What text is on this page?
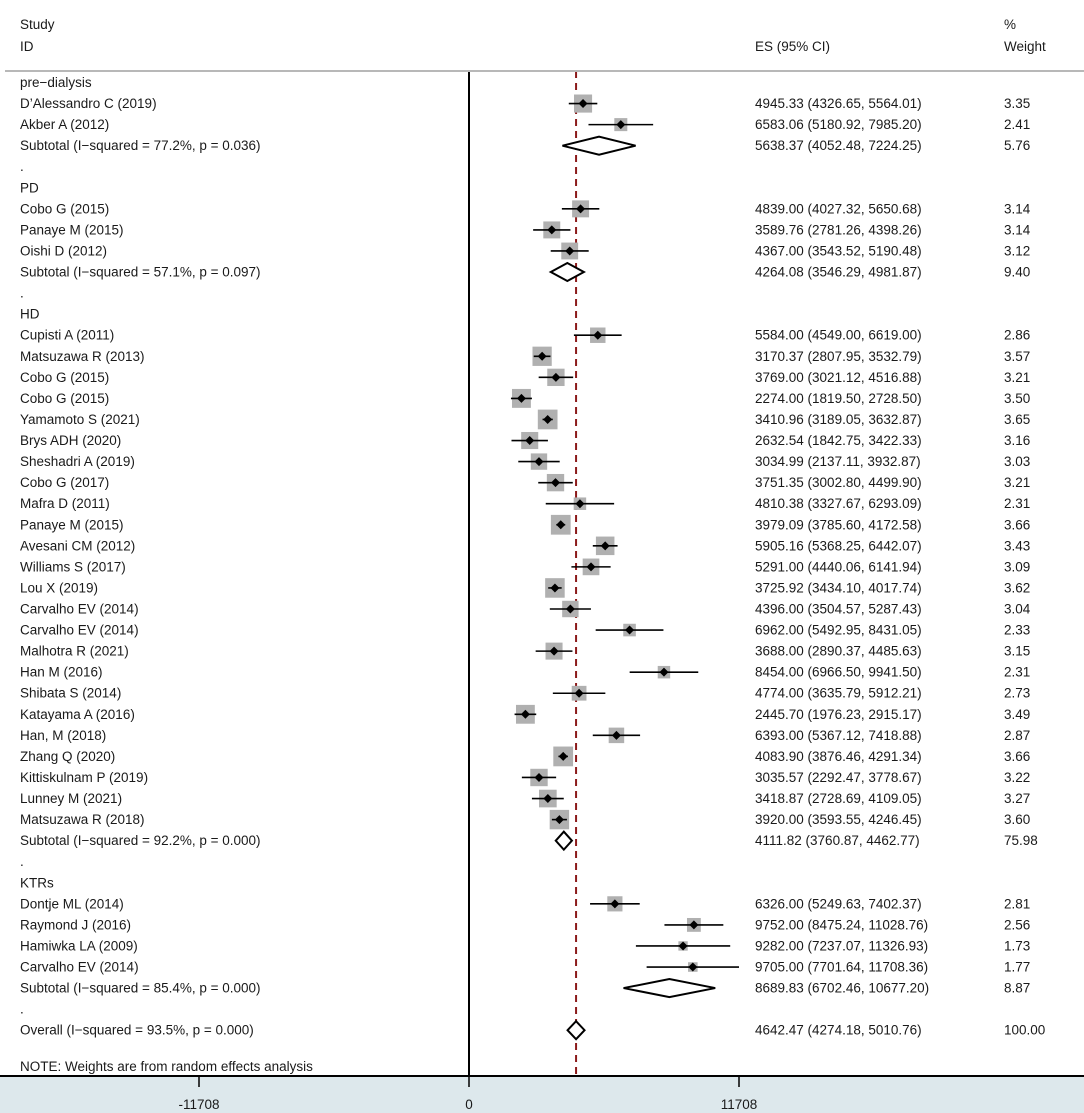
Study
ID	ES (95% CI)
%
Weight
pre−dialysis
D’Alessandro C (2019)	4945.33 (4326.65, 5564.01)	3.35
Akber A (2012)	6583.06 (5180.92, 7985.20)	2.41
Subtotal (I−squared = 77.2%, p = 0.036)	5638.37 (4052.48, 7224.25)	5.76
.
PD
Cobo G (2015)	4839.00 (4027.32, 5650.68)	3.14
Panaye M (2015)	3589.76 (2781.26, 4398.26)	3.14
Oishi D (2012)	4367.00 (3543.52, 5190.48)	3.12
Subtotal (I−squared = 57.1%, p = 0.097)	4264.08 (3546.29, 4981.87)	9.40
.
HD
Cupisti A (2011)	5584.00 (4549.00, 6619.00)	2.86
Matsuzawa R (2013)	3170.37 (2807.95, 3532.79)	3.57
Cobo G (2015)	3769.00 (3021.12, 4516.88)	3.21
Cobo G (2015)	2274.00 (1819.50, 2728.50)	3.50
Yamamoto S (2021)	3410.96 (3189.05, 3632.87)	3.65
Brys ADH (2020)	2632.54 (1842.75, 3422.33)	3.16
Sheshadri A (2019)	3034.99 (2137.11, 3932.87)	3.03
Cobo G (2017)	3751.35 (3002.80, 4499.90)	3.21
Mafra D (2011)	4810.38 (3327.67, 6293.09)	2.31
Panaye M (2015)	3979.09 (3785.60, 4172.58)	3.66
Avesani CM (2012)	5905.16 (5368.25, 6442.07)	3.43
Williams S (2017)	5291.00 (4440.06, 6141.94)	3.09
Lou X (2019)	3725.92 (3434.10, 4017.74)	3.62
Carvalho EV (2014)	4396.00 (3504.57, 5287.43)	3.04
Carvalho EV (2014)	6962.00 (5492.95, 8431.05)	2.33
Malhotra R (2021)	3688.00 (2890.37, 4485.63)	3.15
Han M (2016)	8454.00 (6966.50, 9941.50)	2.31
Shibata S (2014)	4774.00 (3635.79, 5912.21)	2.73
Katayama A (2016)	2445.70 (1976.23, 2915.17)	3.49
Han, M (2018)	6393.00 (5367.12, 7418.88)	2.87
Zhang Q (2020)	4083.90 (3876.46, 4291.34)	3.66
Kittiskulnam P (2019)	3035.57 (2292.47, 3778.67)	3.22
Lunney M (2021)	3418.87 (2728.69, 4109.05)	3.27
Matsuzawa R (2018)	3920.00 (3593.55, 4246.45)	3.60
Subtotal (I−squared = 92.2%, p = 0.000)	4111.82 (3760.87, 4462.77)	75.98
.
KTRs
Dontje ML (2014)	6326.00 (5249.63, 7402.37)	2.81
Raymond J (2016)	9752.00 (8475.24, 11028.76)	2.56
Hamiwka LA (2009)	9282.00 (7237.07, 11326.93)	1.73
Carvalho EV (2014)	9705.00 (7701.64, 11708.36)	1.77
Subtotal (I−squared = 85.4%, p = 0.000)	8689.83 (6702.46, 10677.20)	8.87
.
Overall (I−squared = 93.5%, p = 0.000)	4642.47 (4274.18, 5010.76)	100.00
NOTE: Weights are from random effects analysis
-11708	0	11708
